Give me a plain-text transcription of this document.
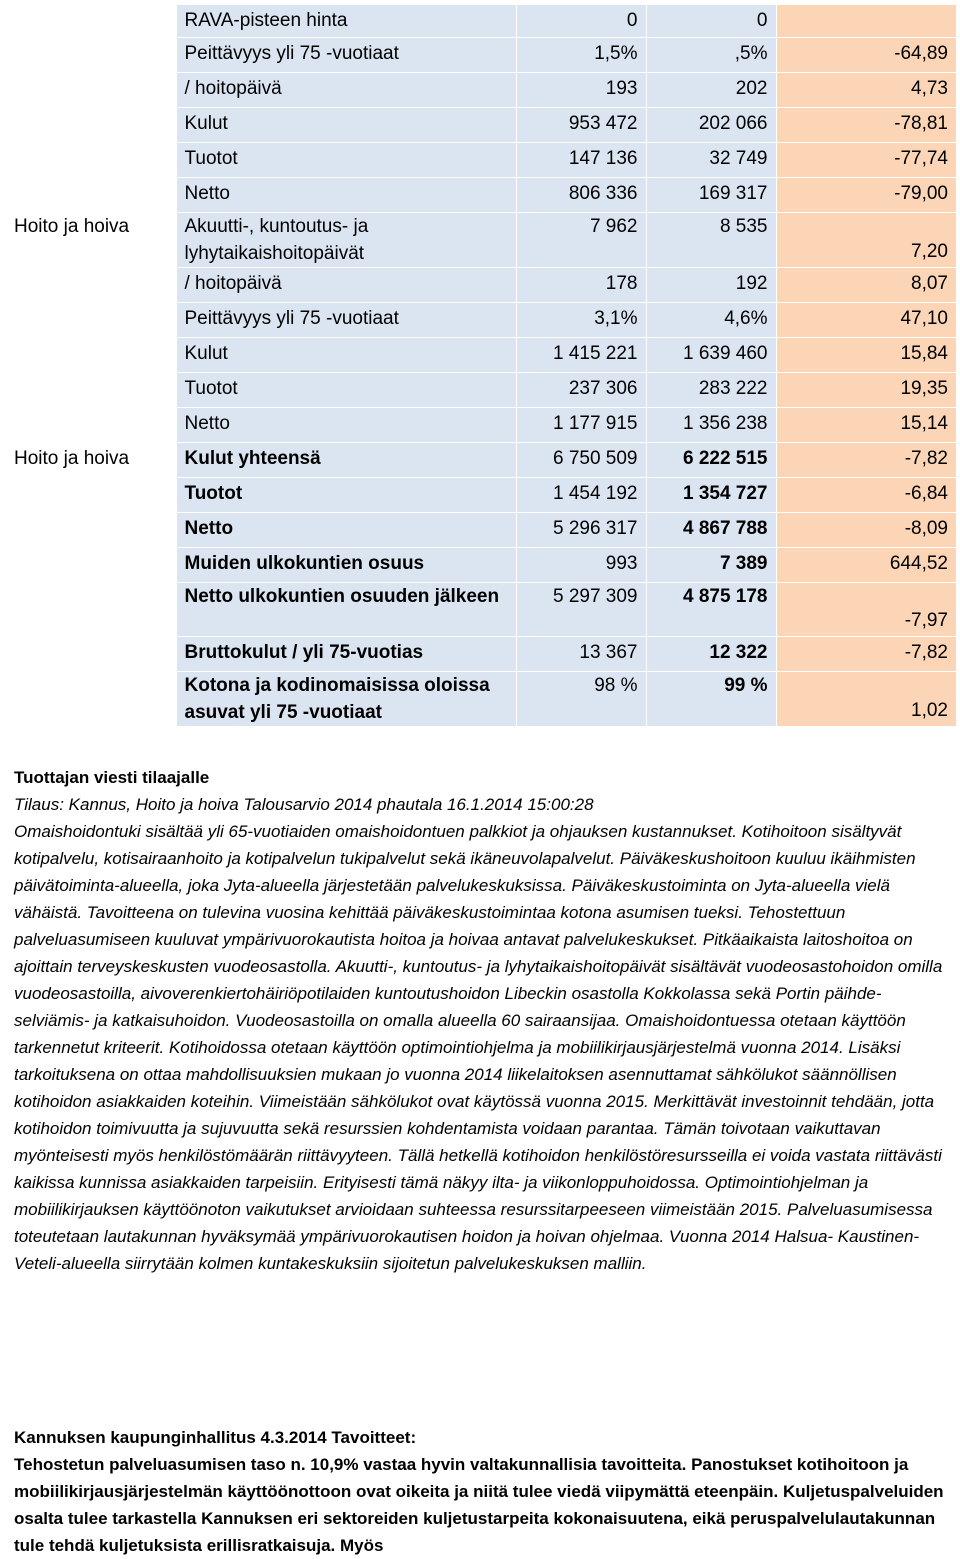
	RAVA-pisteen hinta	0	0	
	Peittävyys yli 75 -vuotiaat	1,5%	,5%	-64,89
	/ hoitopäivä	193	202	4,73
	Kulut	953 472	202 066	-78,81
	Tuotot	147 136	32 749	-77,74
	Netto	806 336	169 317	-79,00
Hoito ja hoiva	Akuutti-, kuntoutus- ja lyhytaikaishoitopäivät	7 962	8 535	7,20
	/ hoitopäivä	178	192	8,07
	Peittävyys yli 75 -vuotiaat	3,1%	4,6%	47,10
	Kulut	1 415 221	1 639 460	15,84
	Tuotot	237 306	283 222	19,35
	Netto	1 177 915	1 356 238	15,14
Hoito ja hoiva	Kulut yhteensä	6 750 509	6 222 515	-7,82
	Tuotot	1 454 192	1 354 727	-6,84
	Netto	5 296 317	4 867 788	-8,09
	Muiden ulkokuntien osuus	993	7 389	644,52
	Netto ulkokuntien osuuden jälkeen	5 297 309	4 875 178	-7,97
	Bruttokulut / yli 75-vuotias	13 367	12 322	-7,82
	Kotona ja kodinomaisissa oloissa asuvat yli 75 -vuotiaat	98 %	99 %	1,02
Tuottajan viesti tilaajalle

Tilaus: Kannus, Hoito ja hoiva Talousarvio 2014 phautala 16.1.2014 15:00:28

Omaishoidontuki sisältää yli 65-vuotiaiden omaishoidontuen palkkiot ja ohjauksen kustannukset. Kotihoitoon sisältyvät kotipalvelu, kotisairaanhoito ja kotipalvelun tukipalvelut sekä ikäneuvolapalvelut. Päiväkeskushoitoon kuuluu ikäihmisten päivätoiminta-alueella, joka Jyta-alueella järjestetään palvelukeskuksissa. Päiväkeskustoiminta on Jyta-alueella vielä vähäistä. Tavoitteena on tulevina vuosina kehittää päiväkeskustoimintaa kotona asumisen tueksi. Tehostettuun palveluasumiseen kuuluvat ympärivuorokautista hoitoa ja hoivaa antavat palvelukeskukset. Pitkäaikaista laitoshoitoa on ajoittain terveyskeskusten vuodeosastolla. Akuutti-, kuntoutus- ja lyhytaikaishoitopäivät sisältävät vuodeosastohoidon omilla vuodeosastoilla, aivoverenkiertohäiriöpotilaiden kuntoutushoidon Libeckin osastolla Kokkolassa sekä Portin päihde- selviämis- ja katkaisuhoidon. Vuodeosastoilla on omalla alueella 60 sairaansijaa. Omaishoidontuessa otetaan käyttöön tarkennetut kriteerit. Kotihoidossa otetaan käyttöön optimointiohjelma ja mobiilikirjausjärjestelmä vuonna 2014. Lisäksi tarkoituksena on ottaa mahdollisuuksien mukaan jo vuonna 2014 liikelaitoksen asennuttamat sähkölukot säännöllisen kotihoidon asiakkaiden koteihin. Viimeistään sähkölukot ovat käytössä vuonna 2015. Merkittävät investoinnit tehdään, jotta kotihoidon toimivuutta ja sujuvuutta sekä resurssien kohdentamista voidaan parantaa. Tämän toivotaan vaikuttavan myönteisesti myös henkilöstömäärän riittävyyteen. Tällä hetkellä kotihoidon henkilöstöresursseilla ei voida vastata riittävästi kaikissa kunnissa asiakkaiden tarpeisiin. Erityisesti tämä näkyy ilta- ja viikonloppuhoidossa. Optimointiohjelman ja mobiilikirjauksen käyttöönoton vaikutukset arvioidaan suhteessa resurssitarpeeseen viimeistään 2015. Palveluasumisessa toteutetaan lautakunnan hyväksymää ympärivuorokautisen hoidon ja hoivan ohjelmaa. Vuonna 2014 Halsua- Kaustinen-Veteli-alueella siirrytään kolmen kuntakeskuksiin sijoitetun palvelukeskuksen malliin.

Kannuksen kaupunginhallitus 4.3.2014 Tavoitteet:

Tehostetun palveluasumisen taso n. 10,9% vastaa hyvin valtakunnallisia tavoitteita. Panostukset kotihoitoon ja mobiilikirjausjärjestelmän käyttöönottoon ovat oikeita ja niitä tulee viedä viipymättä eteenpäin. Kuljetuspalveluiden osalta tulee tarkastella Kannuksen eri sektoreiden kuljetustarpeita kokonaisuutena, eikä peruspalvelulautakunnan tule tehdä kuljetuksista erillisratkaisuja. Myös
